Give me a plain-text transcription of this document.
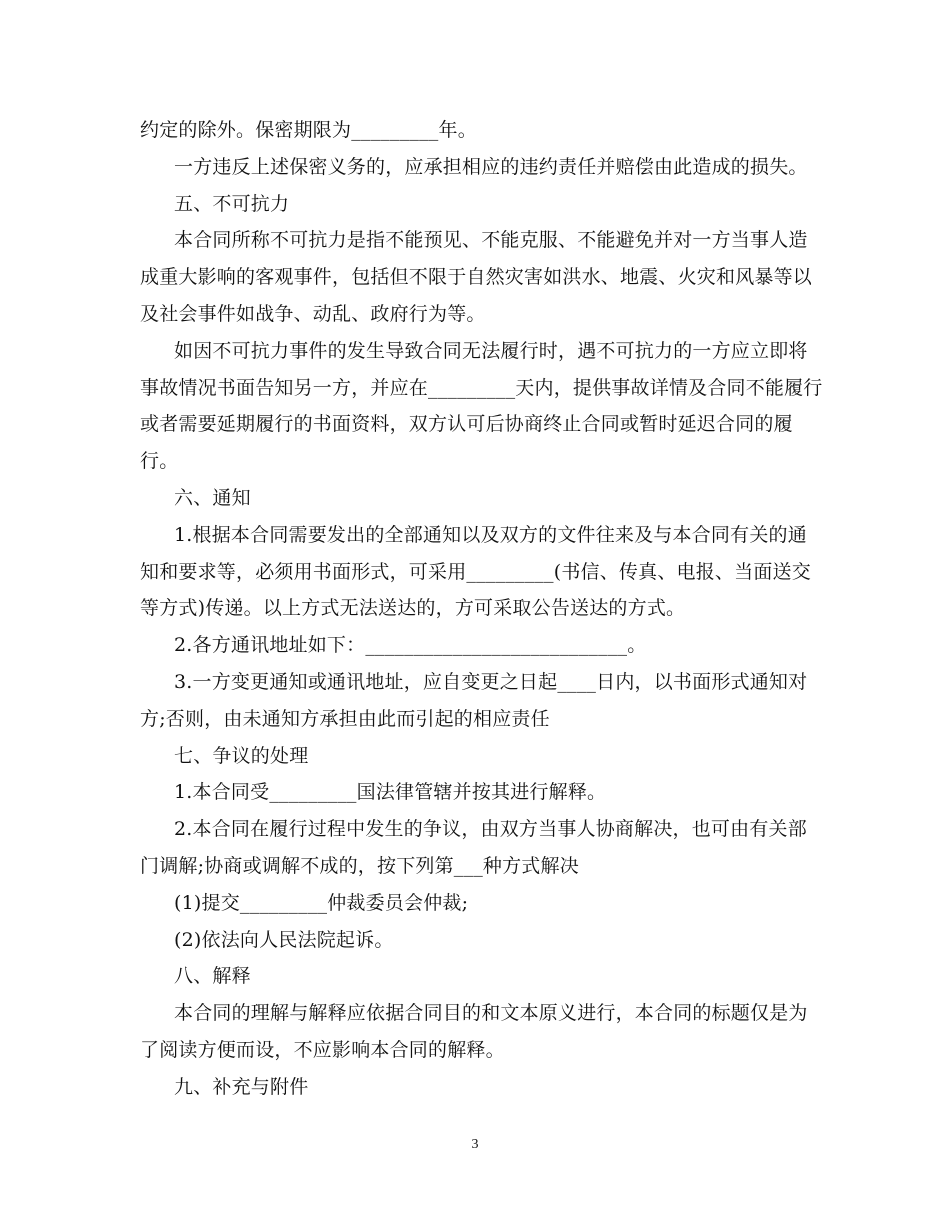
约定的除外。保密期限为_________年。
一方违反上述保密义务的，应承担相应的违约责任并赔偿由此造成的损失。
五、不可抗力
本合同所称不可抗力是指不能预见、不能克服、不能避免并对一方当事人造
成重大影响的客观事件，包括但不限于自然灾害如洪水、地震、火灾和风暴等以
及社会事件如战争、动乱、政府行为等。
如因不可抗力事件的发生导致合同无法履行时，遇不可抗力的一方应立即将
事故情况书面告知另一方，并应在_________天内，提供事故详情及合同不能履行
或者需要延期履行的书面资料，双方认可后协商终止合同或暂时延迟合同的履
行。
六、通知
1.根据本合同需要发出的全部通知以及双方的文件往来及与本合同有关的通
知和要求等，必须用书面形式，可采用_________(书信、传真、电报、当面送交
等方式)传递。以上方式无法送达的，方可采取公告送达的方式。
2.各方通讯地址如下：___________________________。
3.一方变更通知或通讯地址，应自变更之日起____日内，以书面形式通知对
方;否则，由未通知方承担由此而引起的相应责任
七、争议的处理
1.本合同受_________国法律管辖并按其进行解释。
2.本合同在履行过程中发生的争议，由双方当事人协商解决，也可由有关部
门调解;协商或调解不成的，按下列第___种方式解决
(1)提交_________仲裁委员会仲裁;
(2)依法向人民法院起诉。
八、解释
本合同的理解与解释应依据合同目的和文本原义进行，本合同的标题仅是为
了阅读方便而设，不应影响本合同的解释。
九、补充与附件
3
